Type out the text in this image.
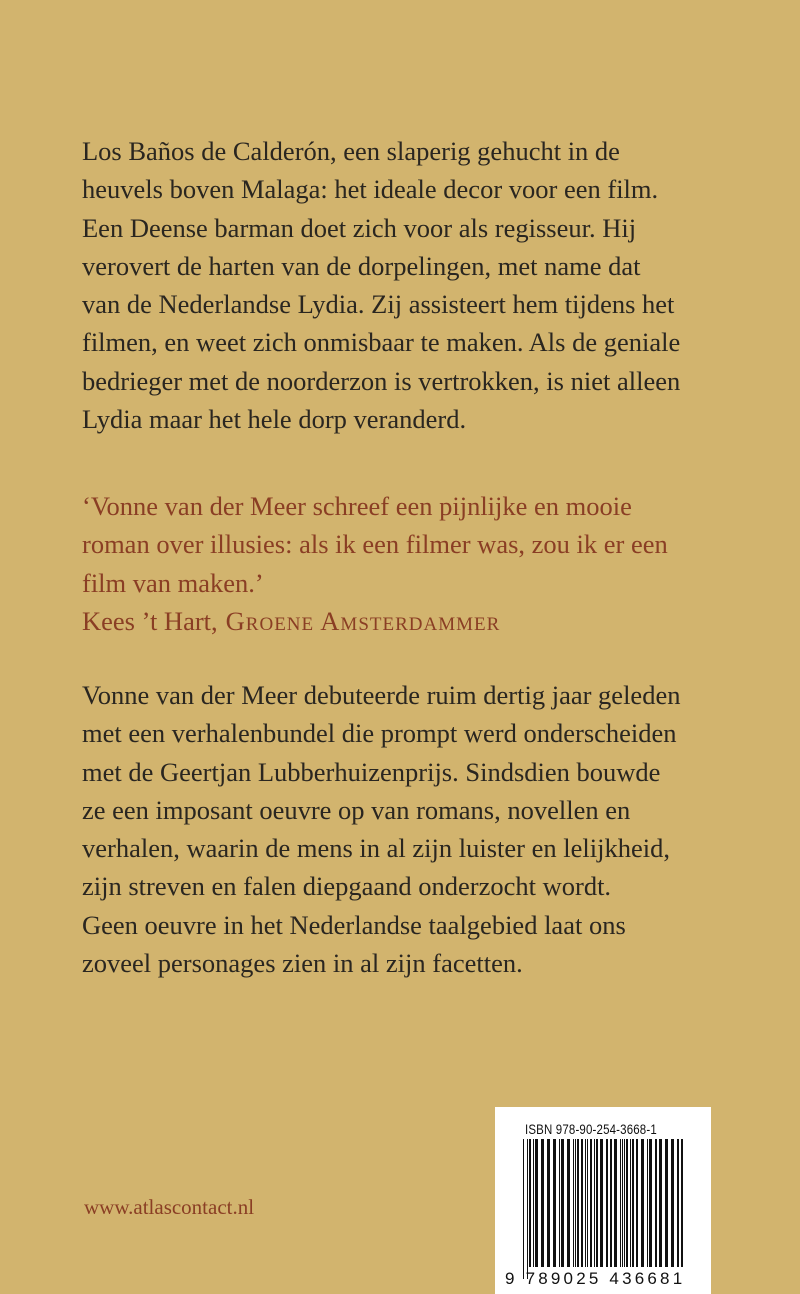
Los Baños de Calderón, een slaperig gehucht in de
heuvels boven Malaga: het ideale decor voor een film.
Een Deense barman doet zich voor als regisseur. Hij
verovert de harten van de dorpelingen, met name dat
van de Nederlandse Lydia. Zij assisteert hem tijdens het
filmen, en weet zich onmisbaar te maken. Als de geniale
bedrieger met de noorderzon is vertrokken, is niet alleen
Lydia maar het hele dorp veranderd.
‘Vonne van der Meer schreef een pijnlijke en mooie
roman over illusies: als ik een filmer was, zou ik er een
film van maken.’
Kees ’t Hart, Groene Amsterdammer
Vonne van der Meer debuteerde ruim dertig jaar geleden
met een verhalenbundel die prompt werd onderscheiden
met de Geertjan Lubberhuizenprijs. Sindsdien bouwde
ze een imposant oeuvre op van romans, novellen en
verhalen, waarin de mens in al zijn luister en lelijkheid,
zijn streven en falen diepgaand onderzocht wordt.
Geen oeuvre in het Nederlandse taalgebied laat ons
zoveel personages zien in al zijn facetten.

www.atlascontact.nl

ISBN 978-90-254-3668-1
9 789025 436681
